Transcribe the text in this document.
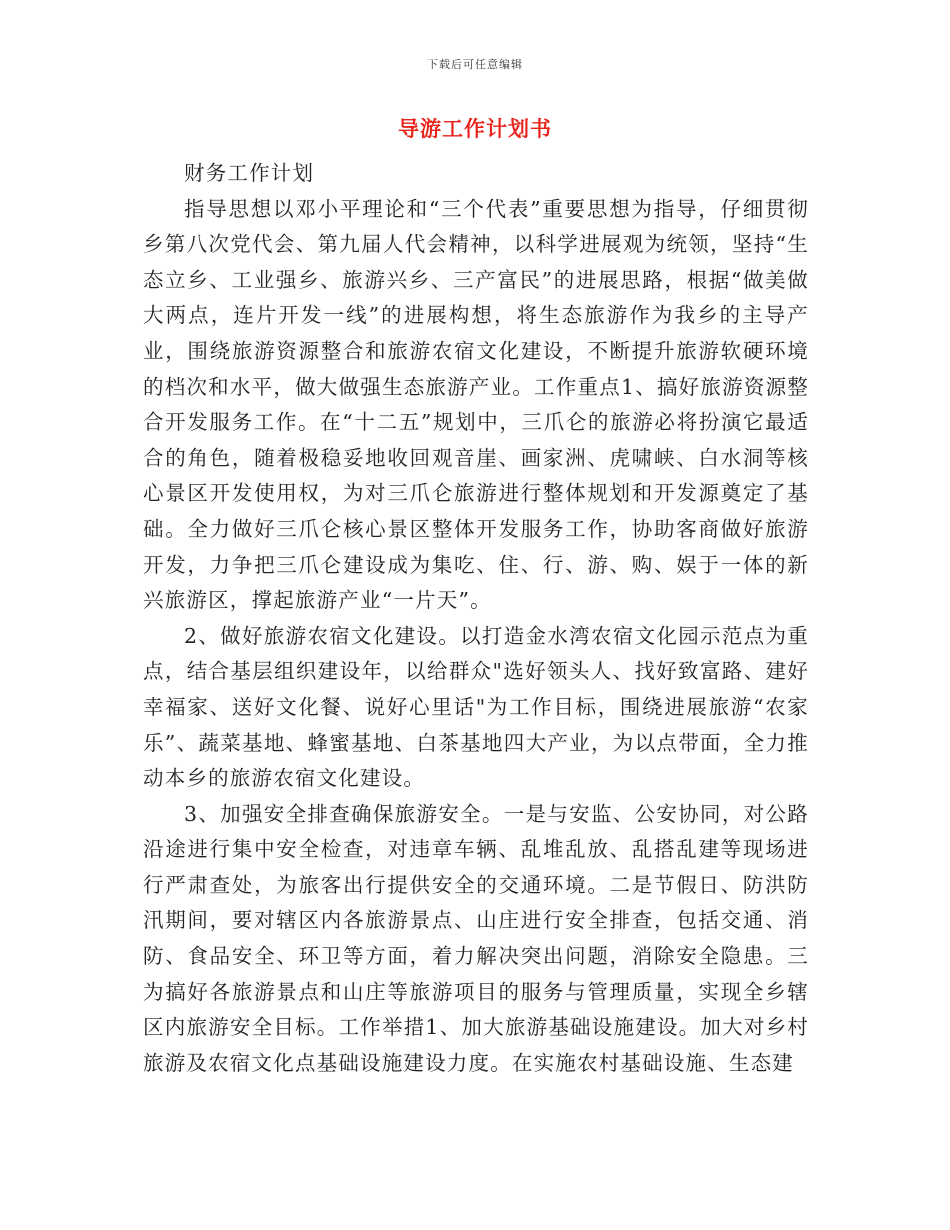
下载后可任意编辑
导游工作计划书

财务工作计划

指导思想以邓小平理论和“三个代表”重要思想为指导，仔细贯彻乡第八次党代会、第九届人代会精神，以科学进展观为统领，坚持“生态立乡、工业强乡、旅游兴乡、三产富民”的进展思路，根据“做美做大两点，连片开发一线”的进展构想，将生态旅游作为我乡的主导产业，围绕旅游资源整合和旅游农宿文化建设，不断提升旅游软硬环境的档次和水平，做大做强生态旅游产业。工作重点1、搞好旅游资源整合开发服务工作。在“十二五”规划中，三爪仑的旅游必将扮演它最适合的角色，随着极稳妥地收回观音崖、画家洲、虎啸峡、白水洞等核心景区开发使用权，为对三爪仑旅游进行整体规划和开发源奠定了基础。全力做好三爪仑核心景区整体开发服务工作，协助客商做好旅游开发，力争把三爪仑建设成为集吃、住、行、游、购、娱于一体的新兴旅游区，撑起旅游产业“一片天”。

2、做好旅游农宿文化建设。以打造金水湾农宿文化园示范点为重点，结合基层组织建设年，以给群众"选好领头人、找好致富路、建好幸福家、送好文化餐、说好心里话"为工作目标，围绕进展旅游“农家乐”、蔬菜基地、蜂蜜基地、白茶基地四大产业，为以点带面，全力推动本乡的旅游农宿文化建设。

3、加强安全排查确保旅游安全。一是与安监、公安协同，对公路沿途进行集中安全检查，对违章车辆、乱堆乱放、乱搭乱建等现场进行严肃查处，为旅客出行提供安全的交通环境。二是节假日、防洪防汛期间，要对辖区内各旅游景点、山庄进行安全排查，包括交通、消防、食品安全、环卫等方面，着力解决突出问题，消除安全隐患。三为搞好各旅游景点和山庄等旅游项目的服务与管理质量，实现全乡辖区内旅游安全目标。工作举措1、加大旅游基础设施建设。加大对乡村旅游及农宿文化点基础设施建设力度。在实施农村基础设施、生态建
